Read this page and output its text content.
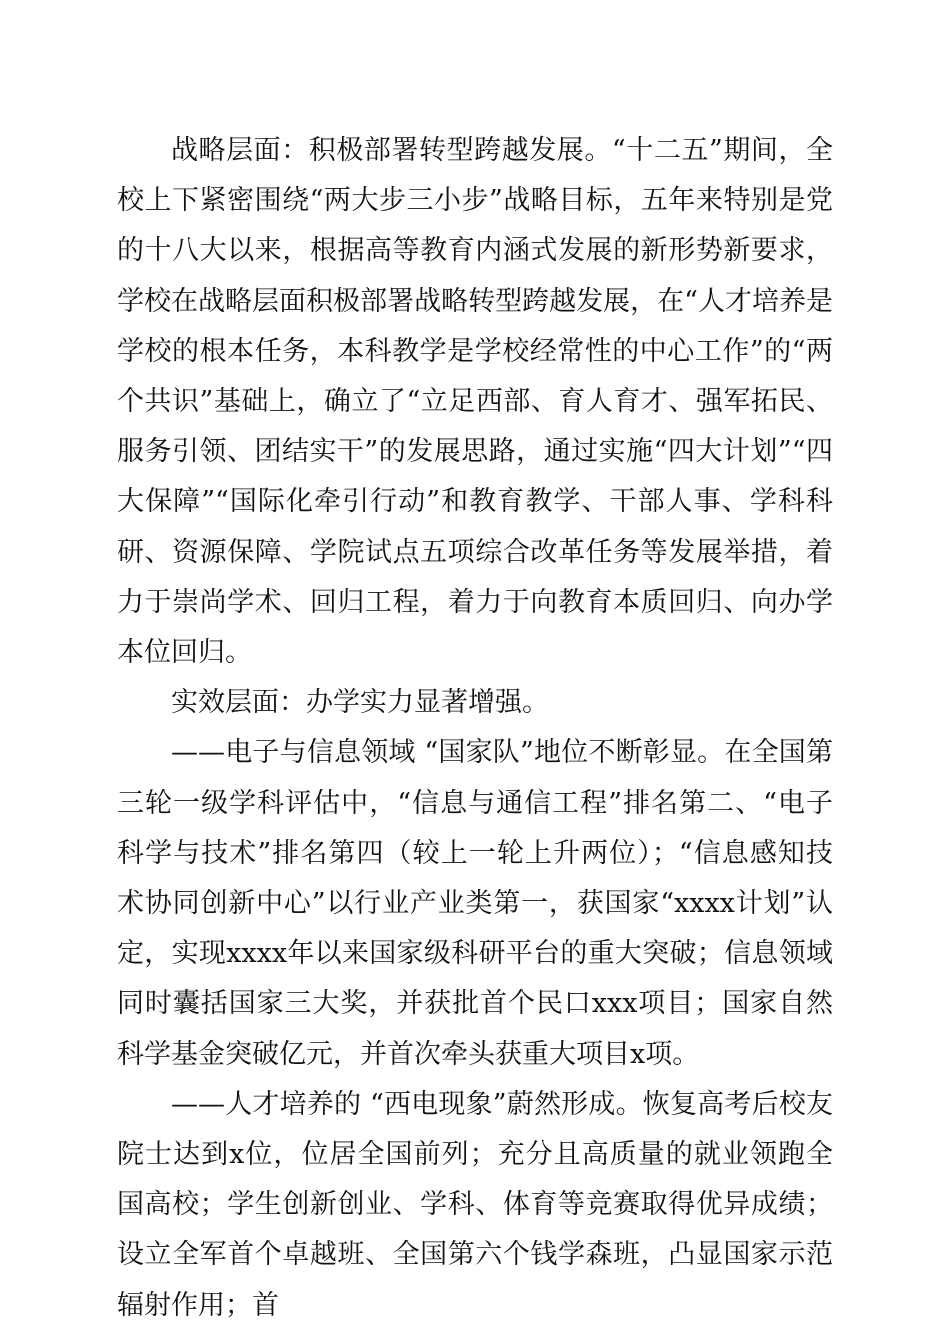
战略层面：积极部署转型跨越发展。“十二五”期间，全校上下紧密围绕“两大步三小步”战略目标，五年来特别是党的十八大以来，根据高等教育内涵式发展的新形势新要求，学校在战略层面积极部署战略转型跨越发展，在“人才培养是学校的根本任务，本科教学是学校经常性的中心工作”的“两个共识”基础上，确立了“立足西部、育人育才、强军拓民、服务引领、团结实干”的发展思路，通过实施“四大计划”“四大保障”“国际化牵引行动”和教育教学、干部人事、学科科研、资源保障、学院试点五项综合改革任务等发展举措，着力于崇尚学术、回归工程，着力于向教育本质回归、向办学本位回归。

实效层面：办学实力显著增强。

——电子与信息领域 “国家队”地位不断彰显。在全国第三轮一级学科评估中，“信息与通信工程”排名第二、“电子科学与技术”排名第四（较上一轮上升两位）；“信息感知技术协同创新中心”以行业产业类第一，获国家“xxxx计划”认定，实现xxxx年以来国家级科研平台的重大突破；信息领域同时囊括国家三大奖，并获批首个民口xxx项目；国家自然科学基金突破亿元，并首次牵头获重大项目x项。

——人才培养的 “西电现象”蔚然形成。恢复高考后校友院士达到x位，位居全国前列；充分且高质量的就业领跑全国高校；学生创新创业、学科、体育等竞赛取得优异成绩；设立全军首个卓越班、全国第六个钱学森班，凸显国家示范辐射作用；首
